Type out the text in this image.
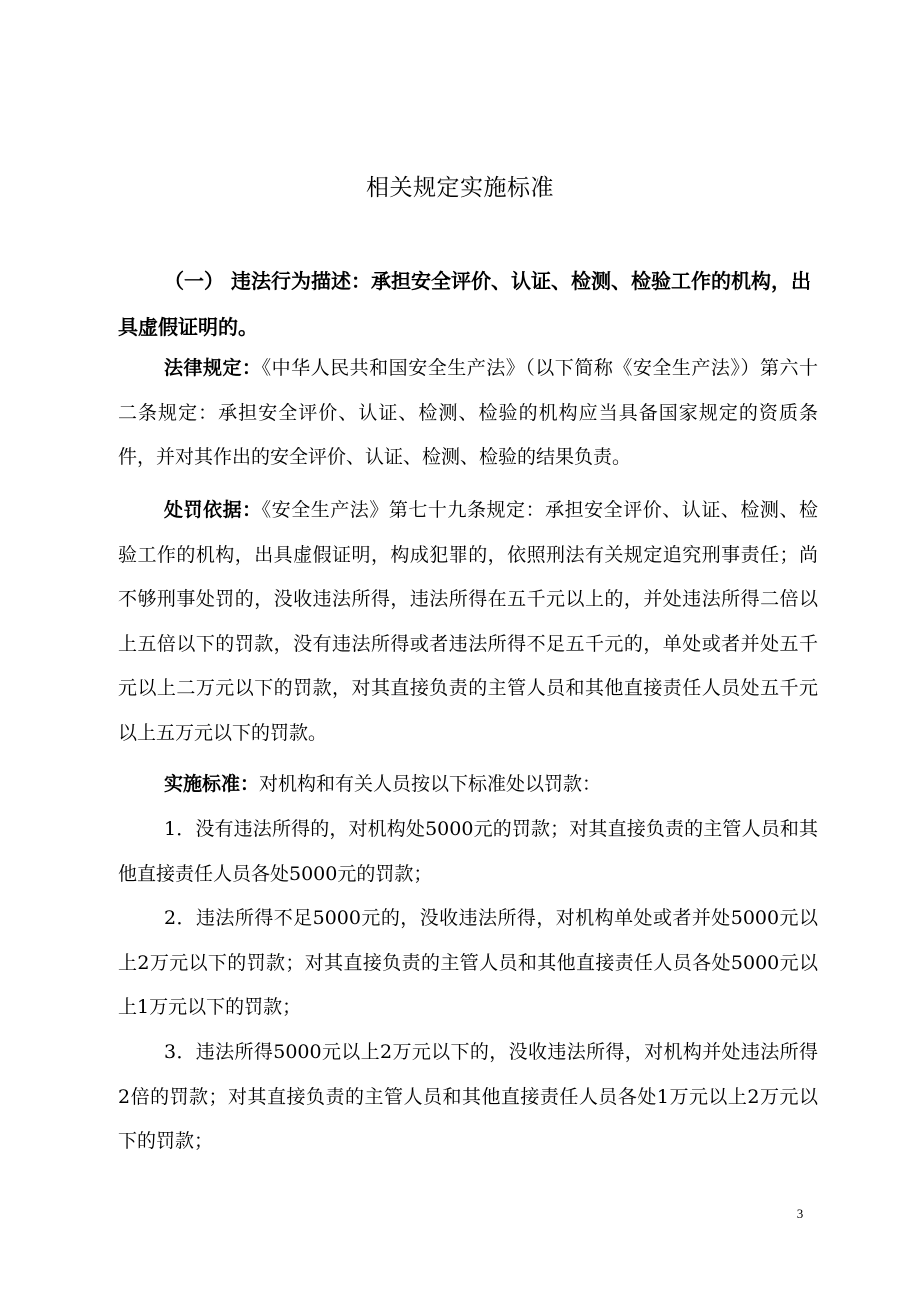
相关规定实施标准
（一） 违法行为描述：承担安全评价、认证、检测、检验工作的机构，出具虚假证明的。
法律规定：《中华人民共和国安全生产法》（以下简称《安全生产法》）第六十二条规定：承担安全评价、认证、检测、检验的机构应当具备国家规定的资质条件，并对其作出的安全评价、认证、检测、检验的结果负责。
处罚依据：《安全生产法》第七十九条规定：承担安全评价、认证、检测、检验工作的机构，出具虚假证明，构成犯罪的，依照刑法有关规定追究刑事责任；尚不够刑事处罚的，没收违法所得，违法所得在五千元以上的，并处违法所得二倍以上五倍以下的罚款，没有违法所得或者违法所得不足五千元的，单处或者并处五千元以上二万元以下的罚款，对其直接负责的主管人员和其他直接责任人员处五千元以上五万元以下的罚款。
实施标准：对机构和有关人员按以下标准处以罚款：
1．没有违法所得的，对机构处5000元的罚款；对其直接负责的主管人员和其他直接责任人员各处5000元的罚款；
2．违法所得不足5000元的，没收违法所得，对机构单处或者并处5000元以上2万元以下的罚款；对其直接负责的主管人员和其他直接责任人员各处5000元以上1万元以下的罚款；
3．违法所得5000元以上2万元以下的，没收违法所得，对机构并处违法所得2倍的罚款；对其直接负责的主管人员和其他直接责任人员各处1万元以上2万元以下的罚款；
3
